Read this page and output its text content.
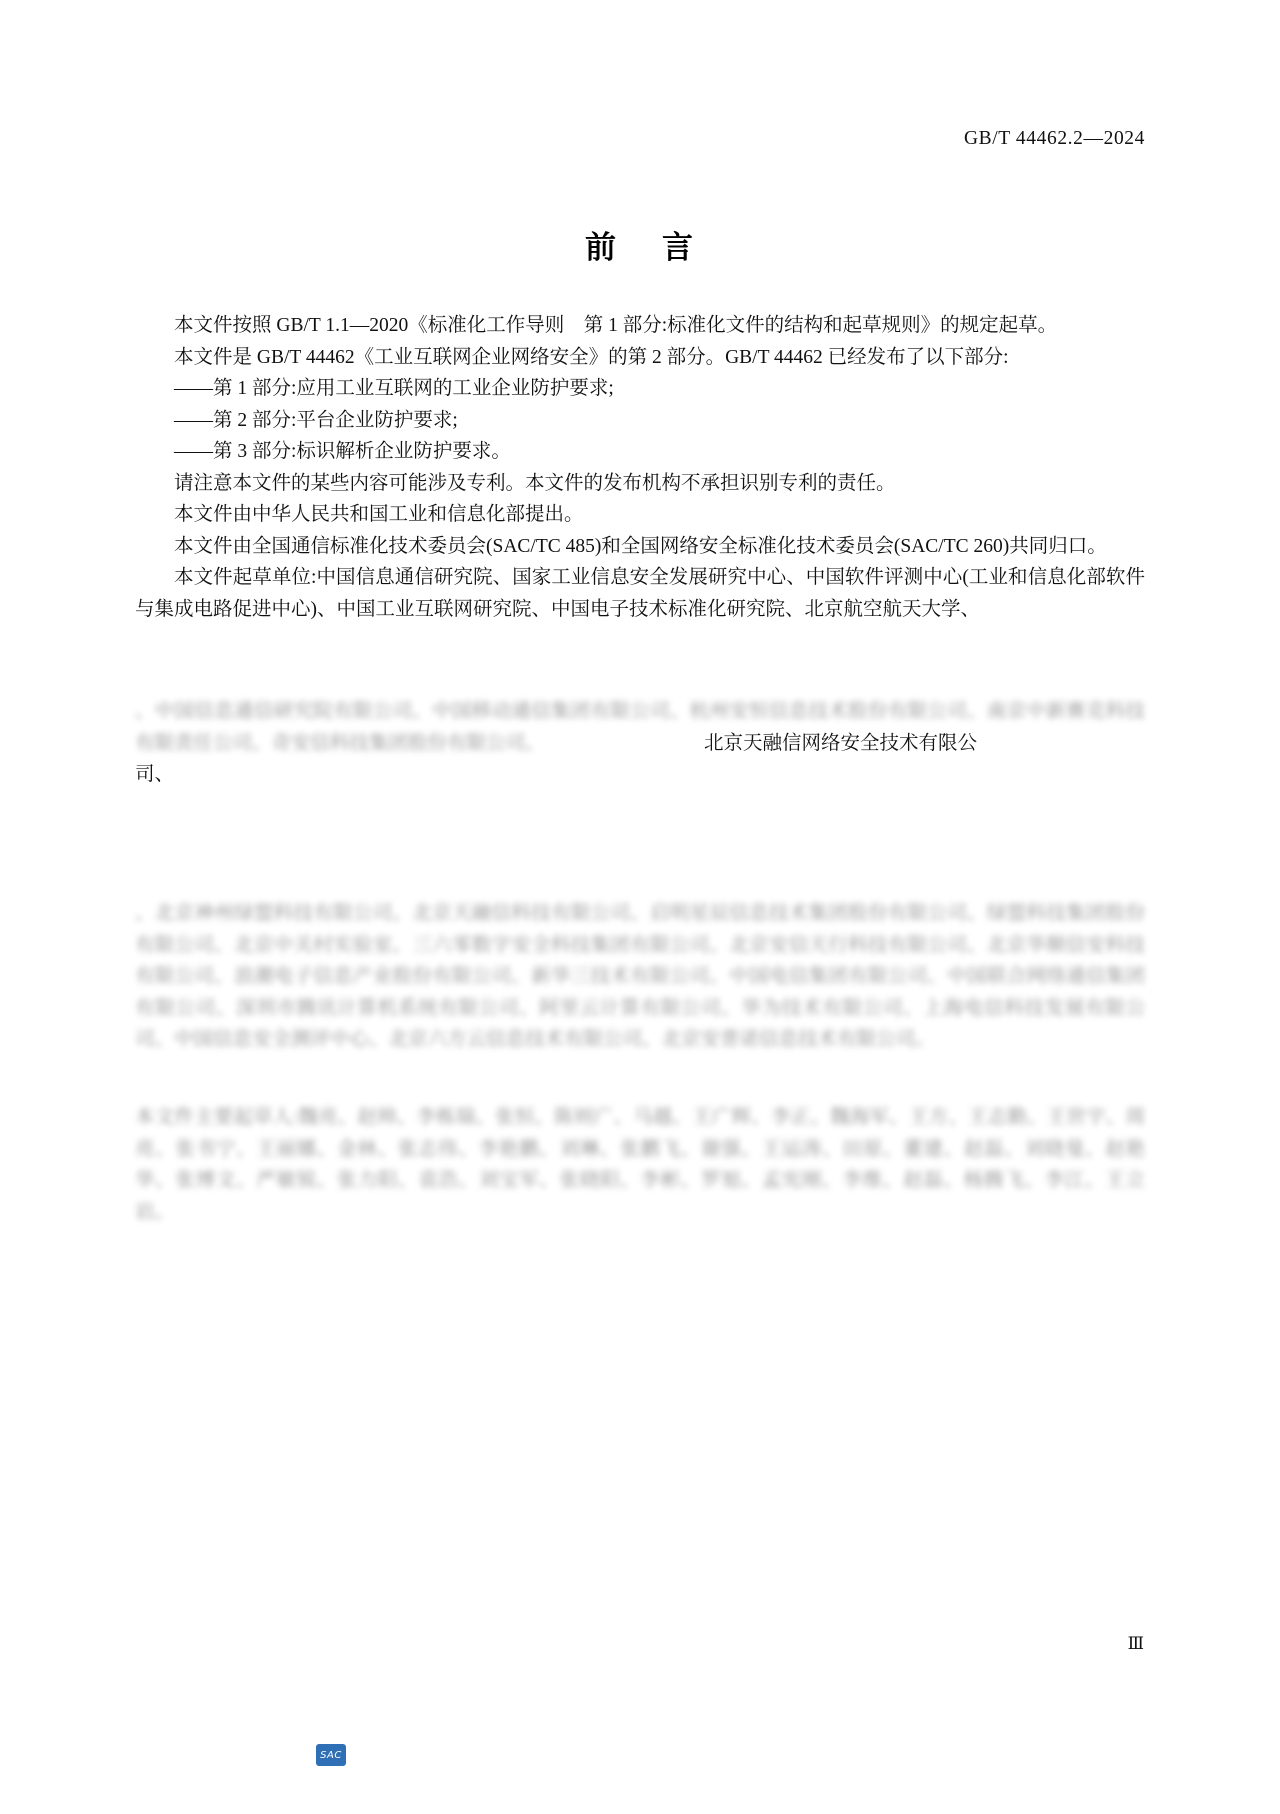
GB/T 44462.2—2024
前 言

本文件按照 GB/T 1.1—2020《标准化工作导则　第 1 部分:标准化文件的结构和起草规则》的规定起草。

本文件是 GB/T 44462《工业互联网企业网络安全》的第 2 部分。GB/T 44462 已经发布了以下部分:

——第 1 部分:应用工业互联网的工业企业防护要求;

——第 2 部分:平台企业防护要求;

——第 3 部分:标识解析企业防护要求。

请注意本文件的某些内容可能涉及专利。本文件的发布机构不承担识别专利的责任。

本文件由中华人民共和国工业和信息化部提出。

本文件由全国通信标准化技术委员会(SAC/TC 485)和全国网络安全标准化技术委员会(SAC/TC 260)共同归口。

本文件起草单位:中国信息通信研究院、国家工业信息安全发展研究中心、中国软件评测中心(工业和信息化部软件与集成电路促进中心)、中国工业互联网研究院、中国电子技术标准化研究院、北京航空航天大学、

、中国信息通信研究院有限公司、中国移动通信集团有限公司、杭州安恒信息技术股份有限公司、南京中新赛克科技有限责任公司、奇安信科技集团股份有限公司、
、北京神州绿盟科技有限公司、北京天融信科技有限公司、启明星辰信息技术集团股份有限公司、绿盟科技集团股份有限公司、北京中关村实验室、三六零数字安全科技集团有限公司、北京安信天行科技有限公司、北京华顺信安科技有限公司、浪潮电子信息产业股份有限公司、新华三技术有限公司、中国电信集团有限公司、中国联合网络通信集团有限公司、深圳市腾讯计算机系统有限公司、阿里云计算有限公司、华为技术有限公司、上海电信科技发展有限公司、中国信息安全测评中心、北京六方云信息技术有限公司、北京安普诺信息技术有限公司。
本文件主要起草人:魏亮、赵帅、李栋瑞、张恒、陈则广、马越、王广辉、李正、魏海军、王方、王志勤、王世宇、周亮、张书宁、王丽娜、金林、张志伟、李艳鹏、刘琳、张鹏飞、谢强、王运涛、田原、董建、赵磊、刘晓曼、赵艳华、张博文、严敏锐、张力阳、袁浩、刘宝军、张晓阳、李彬、罗旭、孟宪刚、李维、赵磊、杨腾飞、李江、王立岩。
北京天融信网络安全技术有限公
司、
Ⅲ
SAC
